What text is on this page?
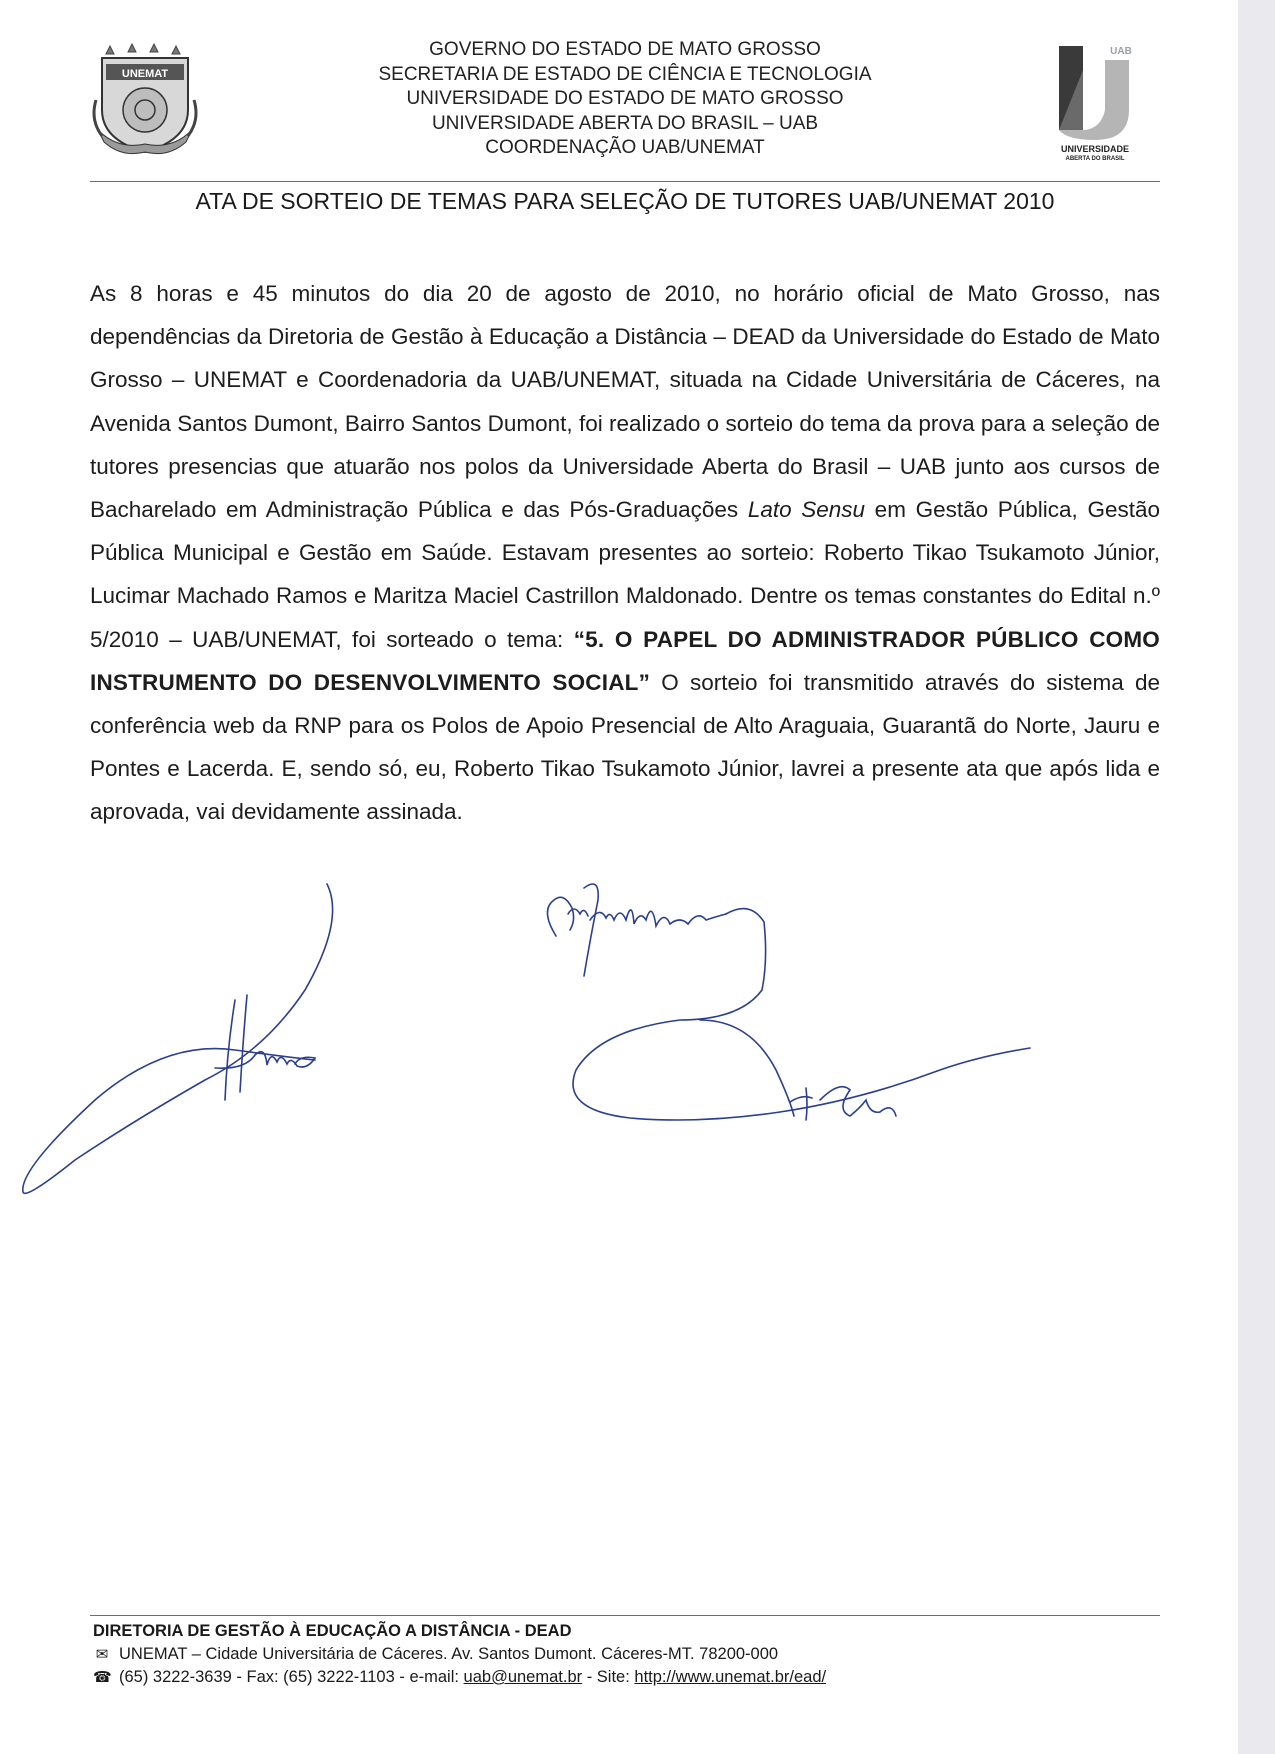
UNEMAT
GOVERNO DO ESTADO DE MATO GROSSO
SECRETARIA DE ESTADO DE CIÊNCIA E TECNOLOGIA
UNIVERSIDADE DO ESTADO DE MATO GROSSO
UNIVERSIDADE ABERTA DO BRASIL – UAB
COORDENAÇÃO UAB/UNEMAT
UAB
UNIVERSIDADE
ABERTA DO BRASIL
ATA DE SORTEIO DE TEMAS PARA SELEÇÃO DE TUTORES UAB/UNEMAT 2010
As 8 horas e 45 minutos do dia 20 de agosto de 2010, no horário oficial de Mato Grosso, nas dependências da Diretoria de Gestão à Educação a Distância – DEAD da Universidade do Estado de Mato Grosso – UNEMAT e Coordenadoria da UAB/UNEMAT, situada na Cidade Universitária de Cáceres, na Avenida Santos Dumont, Bairro Santos Dumont, foi realizado o sorteio do tema da prova para a seleção de tutores presencias que atuarão nos polos da Universidade Aberta do Brasil – UAB junto aos cursos de Bacharelado em Administração Pública e das Pós-Graduações Lato Sensu em Gestão Pública, Gestão Pública Municipal e Gestão em Saúde. Estavam presentes ao sorteio: Roberto Tikao Tsukamoto Júnior, Lucimar Machado Ramos e Maritza Maciel Castrillon Maldonado. Dentre os temas constantes do Edital n.º 5/2010 – UAB/UNEMAT, foi sorteado o tema: “5. O PAPEL DO ADMINISTRADOR PÚBLICO COMO INSTRUMENTO DO DESENVOLVIMENTO SOCIAL” O sorteio foi transmitido através do sistema de conferência web da RNP para os Polos de Apoio Presencial de Alto Araguaia, Guarantã do Norte, Jauru e Pontes e Lacerda. E, sendo só, eu, Roberto Tikao Tsukamoto Júnior, lavrei a presente ata que após lida e aprovada, vai devidamente assinada.
DIRETORIA DE GESTÃO À EDUCAÇÃO A DISTÂNCIA - DEAD
✉ UNEMAT – Cidade Universitária de Cáceres. Av. Santos Dumont. Cáceres-MT. 78200-000
☎ (65) 3222-3639 - Fax: (65) 3222-1103 - e-mail: uab@unemat.br - Site: http://www.unemat.br/ead/
